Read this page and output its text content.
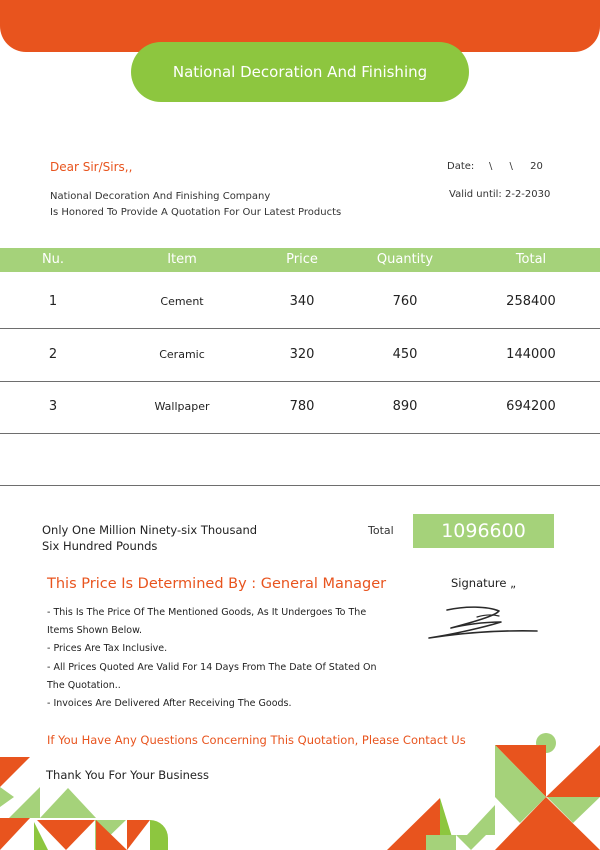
National Decoration And Finishing
Dear Sir/Sirs,,
National Decoration And Finishing Company
Is Honored To Provide A Quotation For Our Latest Products
Date: \ \ 20
Valid until: 2-2-2030
Nu.	Item	Price	Quantity	Total
1	Cement	340	760	258400
2	Ceramic	320	450	144000
3	Wallpaper	780	890	694200
Only One Million Ninety-six Thousand
Six Hundred Pounds
Total 1096600
This Price Is Determined By : General Manager	Signature „
- This Is The Price Of The Mentioned Goods, As It Undergoes To The
Items Shown Below.
- Prices Are Tax Inclusive.
- All Prices Quoted Are Valid For 14 Days From The Date Of Stated On
The Quotation..
- Invoices Are Delivered After Receiving The Goods.
If You Have Any Questions Concerning This Quotation, Please Contact Us
Thank You For Your Business
